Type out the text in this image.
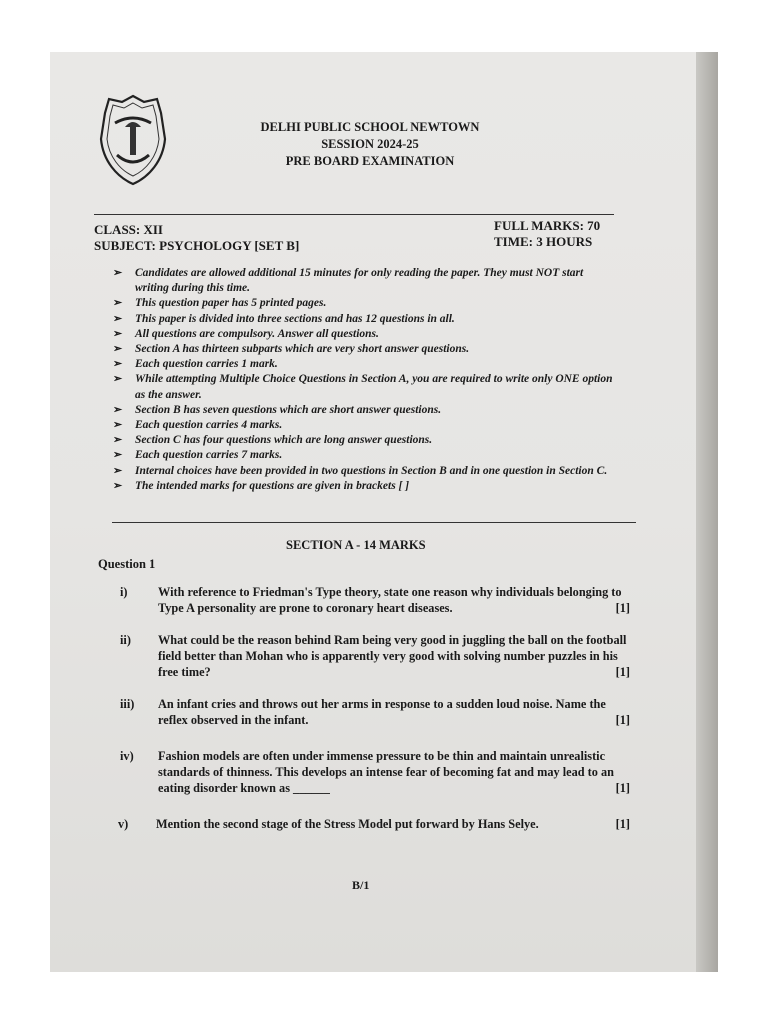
DELHI PUBLIC SCHOOL NEWTOWN
SESSION 2024-25
PRE BOARD EXAMINATION
CLASS: XII
SUBJECT: PSYCHOLOGY [SET B]
FULL MARKS: 70
TIME: 3 HOURS
➢ Candidates are allowed additional 15 minutes for only reading the paper. They must NOT start writing during this time.
➢ This question paper has 5 printed pages.
➢ This paper is divided into three sections and has 12 questions in all.
➢ All questions are compulsory. Answer all questions.
➢ Section A has thirteen subparts which are very short answer questions.
➢ Each question carries 1 mark.
➢ While attempting Multiple Choice Questions in Section A, you are required to write only ONE option as the answer.
➢ Section B has seven questions which are short answer questions.
➢ Each question carries 4 marks.
➢ Section C has four questions which are long answer questions.
➢ Each question carries 7 marks.
➢ Internal choices have been provided in two questions in Section B and in one question in Section C.
➢ The intended marks for questions are given in brackets [ ]
SECTION A - 14 MARKS
Question 1
i) With reference to Friedman's Type theory, state one reason why individuals belonging to Type A personality are prone to coronary heart diseases.	[1]
ii) What could be the reason behind Ram being very good in juggling the ball on the football field better than Mohan who is apparently very good with solving number puzzles in his free time?	[1]
iii) An infant cries and throws out her arms in response to a sudden loud noise. Name the reflex observed in the infant.	[1]
iv) Fashion models are often under immense pressure to be thin and maintain unrealistic standards of thinness. This develops an intense fear of becoming fat and may lead to an eating disorder known as ______	[1]
v) Mention the second stage of the Stress Model put forward by Hans Selye.	[1]
B/1
